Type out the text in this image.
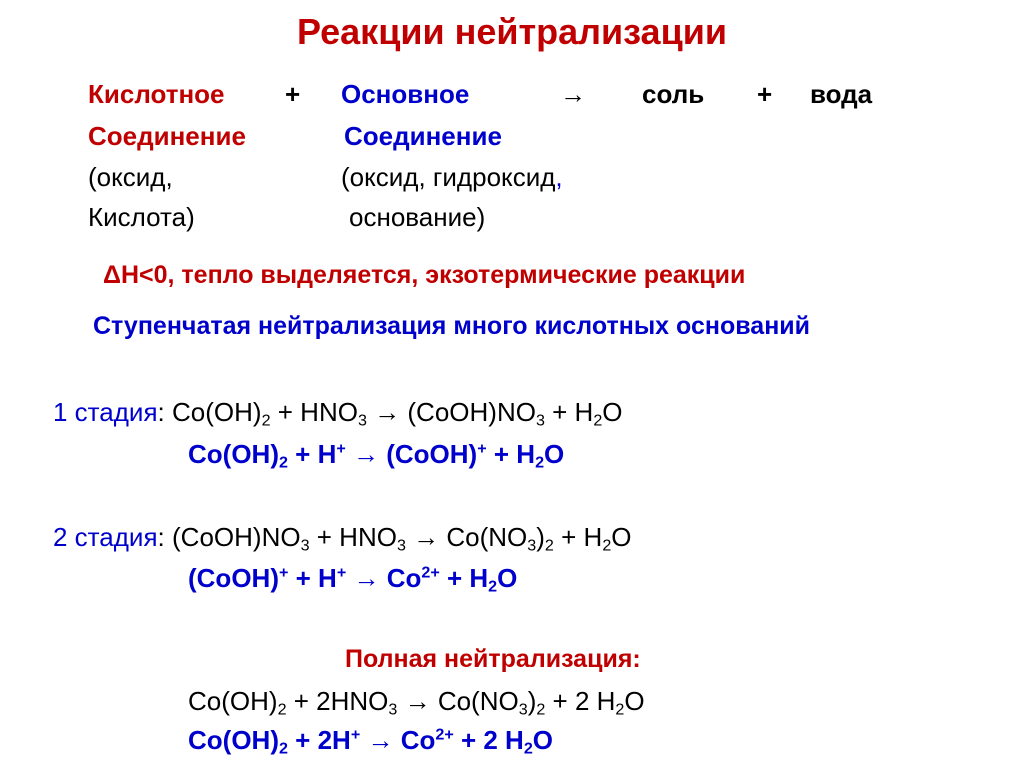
Реакции нейтрализации
Кислотное + Основное	→ соль + вода
Соединение	Соединение
(оксид,	(оксид, гидроксид,
Кислота)	основание)
ΔH<0, тепло выделяется, экзотермические реакции
Ступенчатая нейтрализация много кислотных оснований
1 стадия: $Co(OH)_2 + HNO_3$ → $(CoOH)NO_3 + H_2O$
$Co(OH)_2 + H^+$ → (CoOH)+ + $H_2O$
2 стадия: $(CoOH)NO_3 + HNO_3 \to Co(NO_3)_2 + H_2O$
(CoOH)+ + $H^+ \to Co^{2+} + H_2O$
Полная нейтрализация:
$Co(OH)_2 + 2HNO_3 \to Co(NO_3)_2 + 2$ $H_2O$
$Co(OH)_2 + 2H^+ \to Co^{2+} + 2$ $H_2O$
